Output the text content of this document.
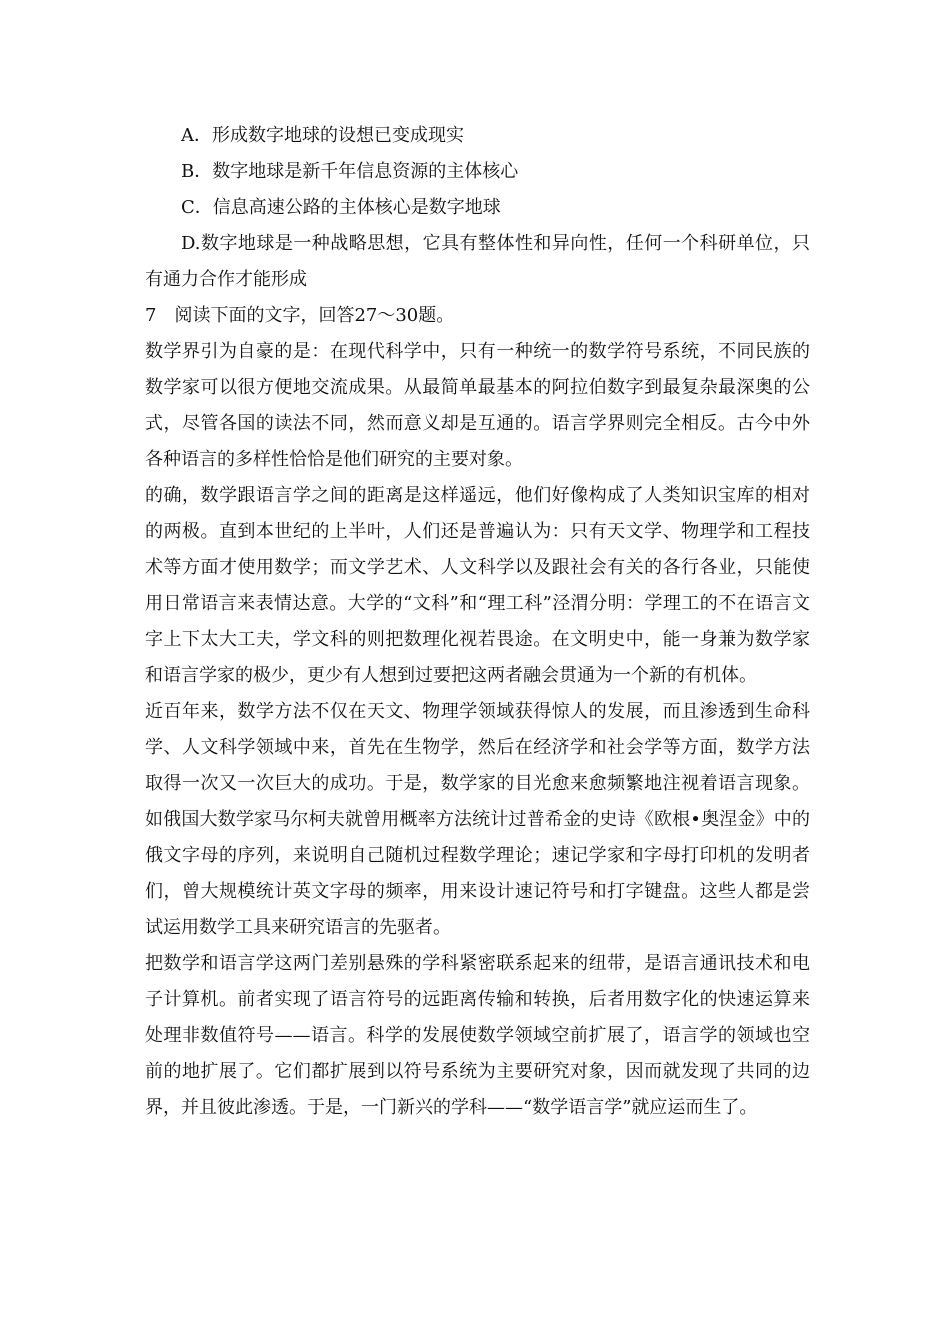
A．形成数字地球的设想已变成现实
B．数字地球是新千年信息资源的主体核心
C．信息高速公路的主体核心是数字地球
D.数字地球是一种战略思想，它具有整体性和异向性，任何一个科研单位，只有通力合作才能形成
7　阅读下面的文字，回答27～30题。
数学界引为自豪的是：在现代科学中，只有一种统一的数学符号系统，不同民族的数学家可以很方便地交流成果。从最简单最基本的阿拉伯数字到最复杂最深奥的公式，尽管各国的读法不同，然而意义却是互通的。语言学界则完全相反。古今中外各种语言的多样性恰恰是他们研究的主要对象。
的确，数学跟语言学之间的距离是这样遥远，他们好像构成了人类知识宝库的相对的两极。直到本世纪的上半叶，人们还是普遍认为：只有天文学、物理学和工程技术等方面才使用数学；而文学艺术、人文科学以及跟社会有关的各行各业，只能使用日常语言来表情达意。大学的“文科”和“理工科”泾渭分明：学理工的不在语言文字上下太大工夫，学文科的则把数理化视若畏途。在文明史中，能一身兼为数学家和语言学家的极少，更少有人想到过要把这两者融会贯通为一个新的有机体。
近百年来，数学方法不仅在天文、物理学领域获得惊人的发展，而且渗透到生命科学、人文科学领域中来，首先在生物学，然后在经济学和社会学等方面，数学方法取得一次又一次巨大的成功。于是，数学家的目光愈来愈频繁地注视着语言现象。如俄国大数学家马尔柯夫就曾用概率方法统计过普希金的史诗《欧根•奥涅金》中的俄文字母的序列，来说明自己随机过程数学理论；速记学家和字母打印机的发明者们，曾大规模统计英文字母的频率，用来设计速记符号和打字键盘。这些人都是尝试运用数学工具来研究语言的先驱者。
把数学和语言学这两门差别悬殊的学科紧密联系起来的纽带，是语言通讯技术和电子计算机。前者实现了语言符号的远距离传输和转换，后者用数字化的快速运算来处理非数值符号——语言。科学的发展使数学领域空前扩展了，语言学的领域也空前的地扩展了。它们都扩展到以符号系统为主要研究对象，因而就发现了共同的边界，并且彼此渗透。于是，一门新兴的学科——“数学语言学”就应运而生了。
